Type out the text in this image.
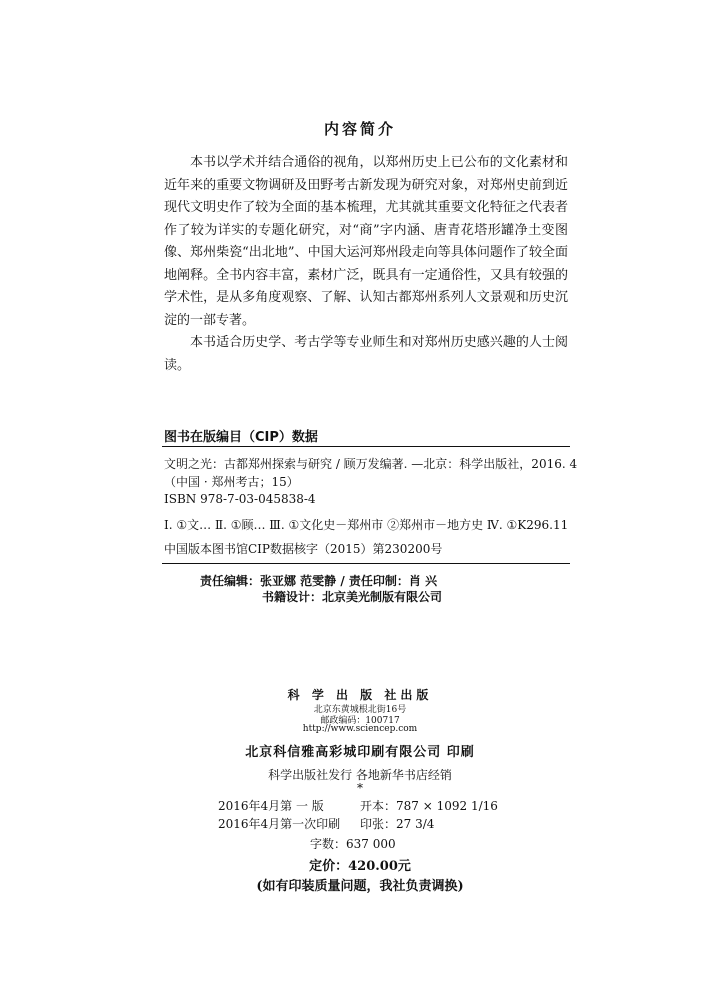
内容简介

本书以学术并结合通俗的视角，以郑州历史上已公布的文化素材和近年来的重要文物调研及田野考古新发现为研究对象，对郑州史前到近现代文明史作了较为全面的基本梳理，尤其就其重要文化特征之代表者作了较为详实的专题化研究，对“商”字内涵、唐青花塔形罐净土变图像、郑州柴瓷“出北地”、中国大运河郑州段走向等具体问题作了较全面地阐释。全书内容丰富，素材广泛，既具有一定通俗性，又具有较强的学术性，是从多角度观察、了解、认知古都郑州系列人文景观和历史沉淀的一部专著。

本书适合历史学、考古学等专业师生和对郑州历史感兴趣的人士阅读。

图书在版编目（CIP）数据
文明之光：古都郑州探索与研究 / 顾万发编著. —北京：科学出版社，2016. 4
（中国 · 郑州考古；15）
ISBN 978-7-03-045838-4
Ⅰ. ①文… Ⅱ. ①顾… Ⅲ. ①文化史－郑州市 ②郑州市－地方史 Ⅳ. ①K296.11
中国版本图书馆CIP数据核字（2015）第230200号
责任编辑：张亚娜 范雯静 / 责任印制：肖 兴
书籍设计：北京美光制版有限公司
科 学 出 版 社出版
北京东黄城根北街16号
邮政编码：100717
http://www.sciencep.com
北京科信雅高彩城印刷有限公司 印刷
科学出版社发行 各地新华书店经销
*
2016年4月第 一 版	开本：787 × 1092 1/16
2016年4月第一次印刷 印张：27 3/4
字数：637 000
定价：420.00元
(如有印装质量问题，我社负责调换)
